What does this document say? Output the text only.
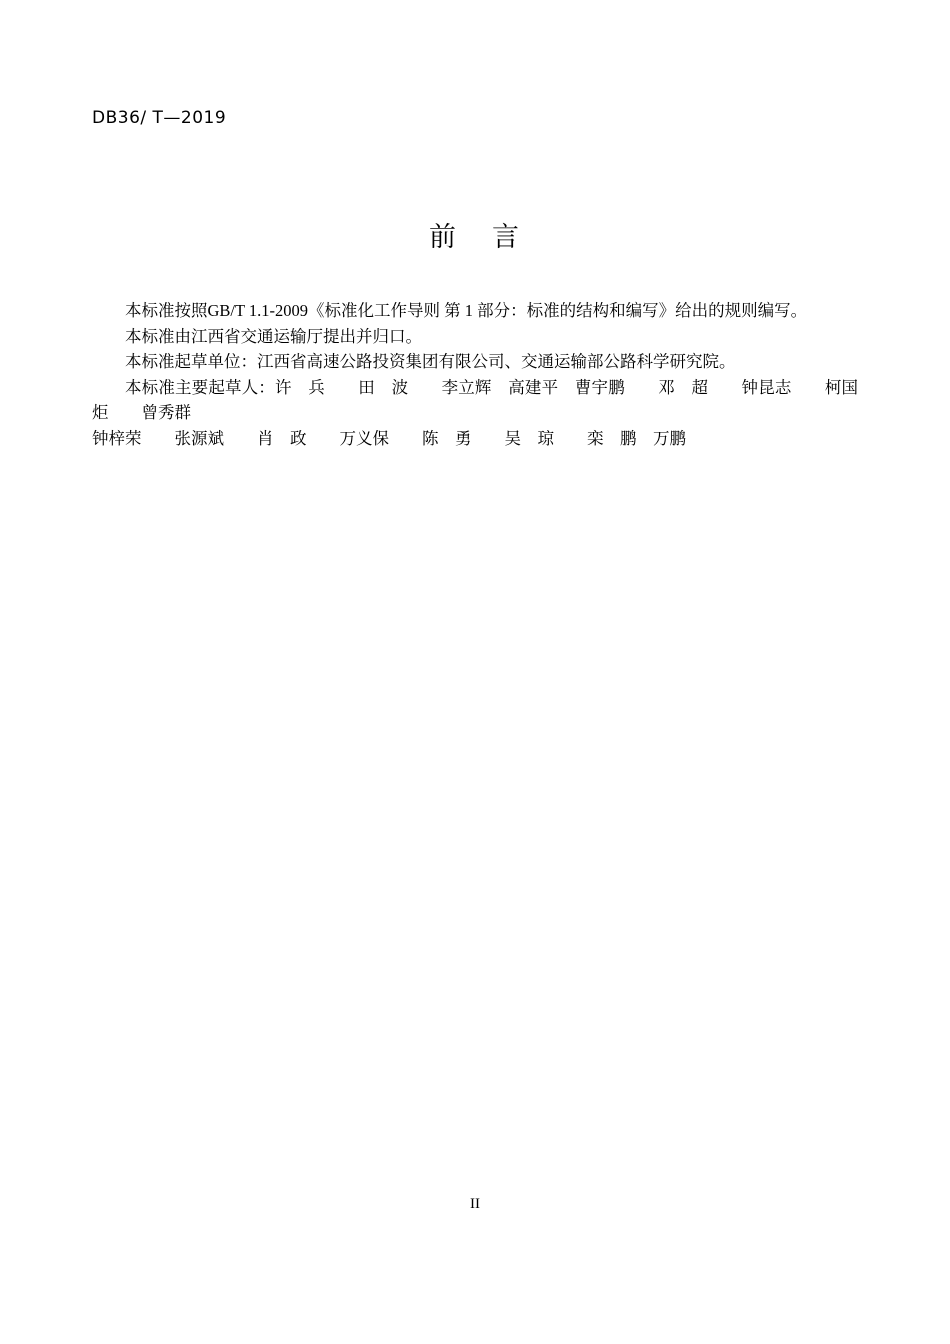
DB36/ T—2019
前 言

本标准按照GB/T 1.1-2009《标准化工作导则 第 1 部分：标准的结构和编写》给出的规则编写。

本标准由江西省交通运输厅提出并归口。

本标准起草单位：江西省高速公路投资集团有限公司、交通运输部公路科学研究院。

本标准主要起草人：许　兵　　田　波　　李立辉　高建平　曹宇鹏　　邓　超　　钟昆志　　柯国炬　　曾秀群

钟梓荣　　张源斌　　肖　政　　万义保　　陈　勇　　吴　琼　　栾　鹏　万鹏

II
